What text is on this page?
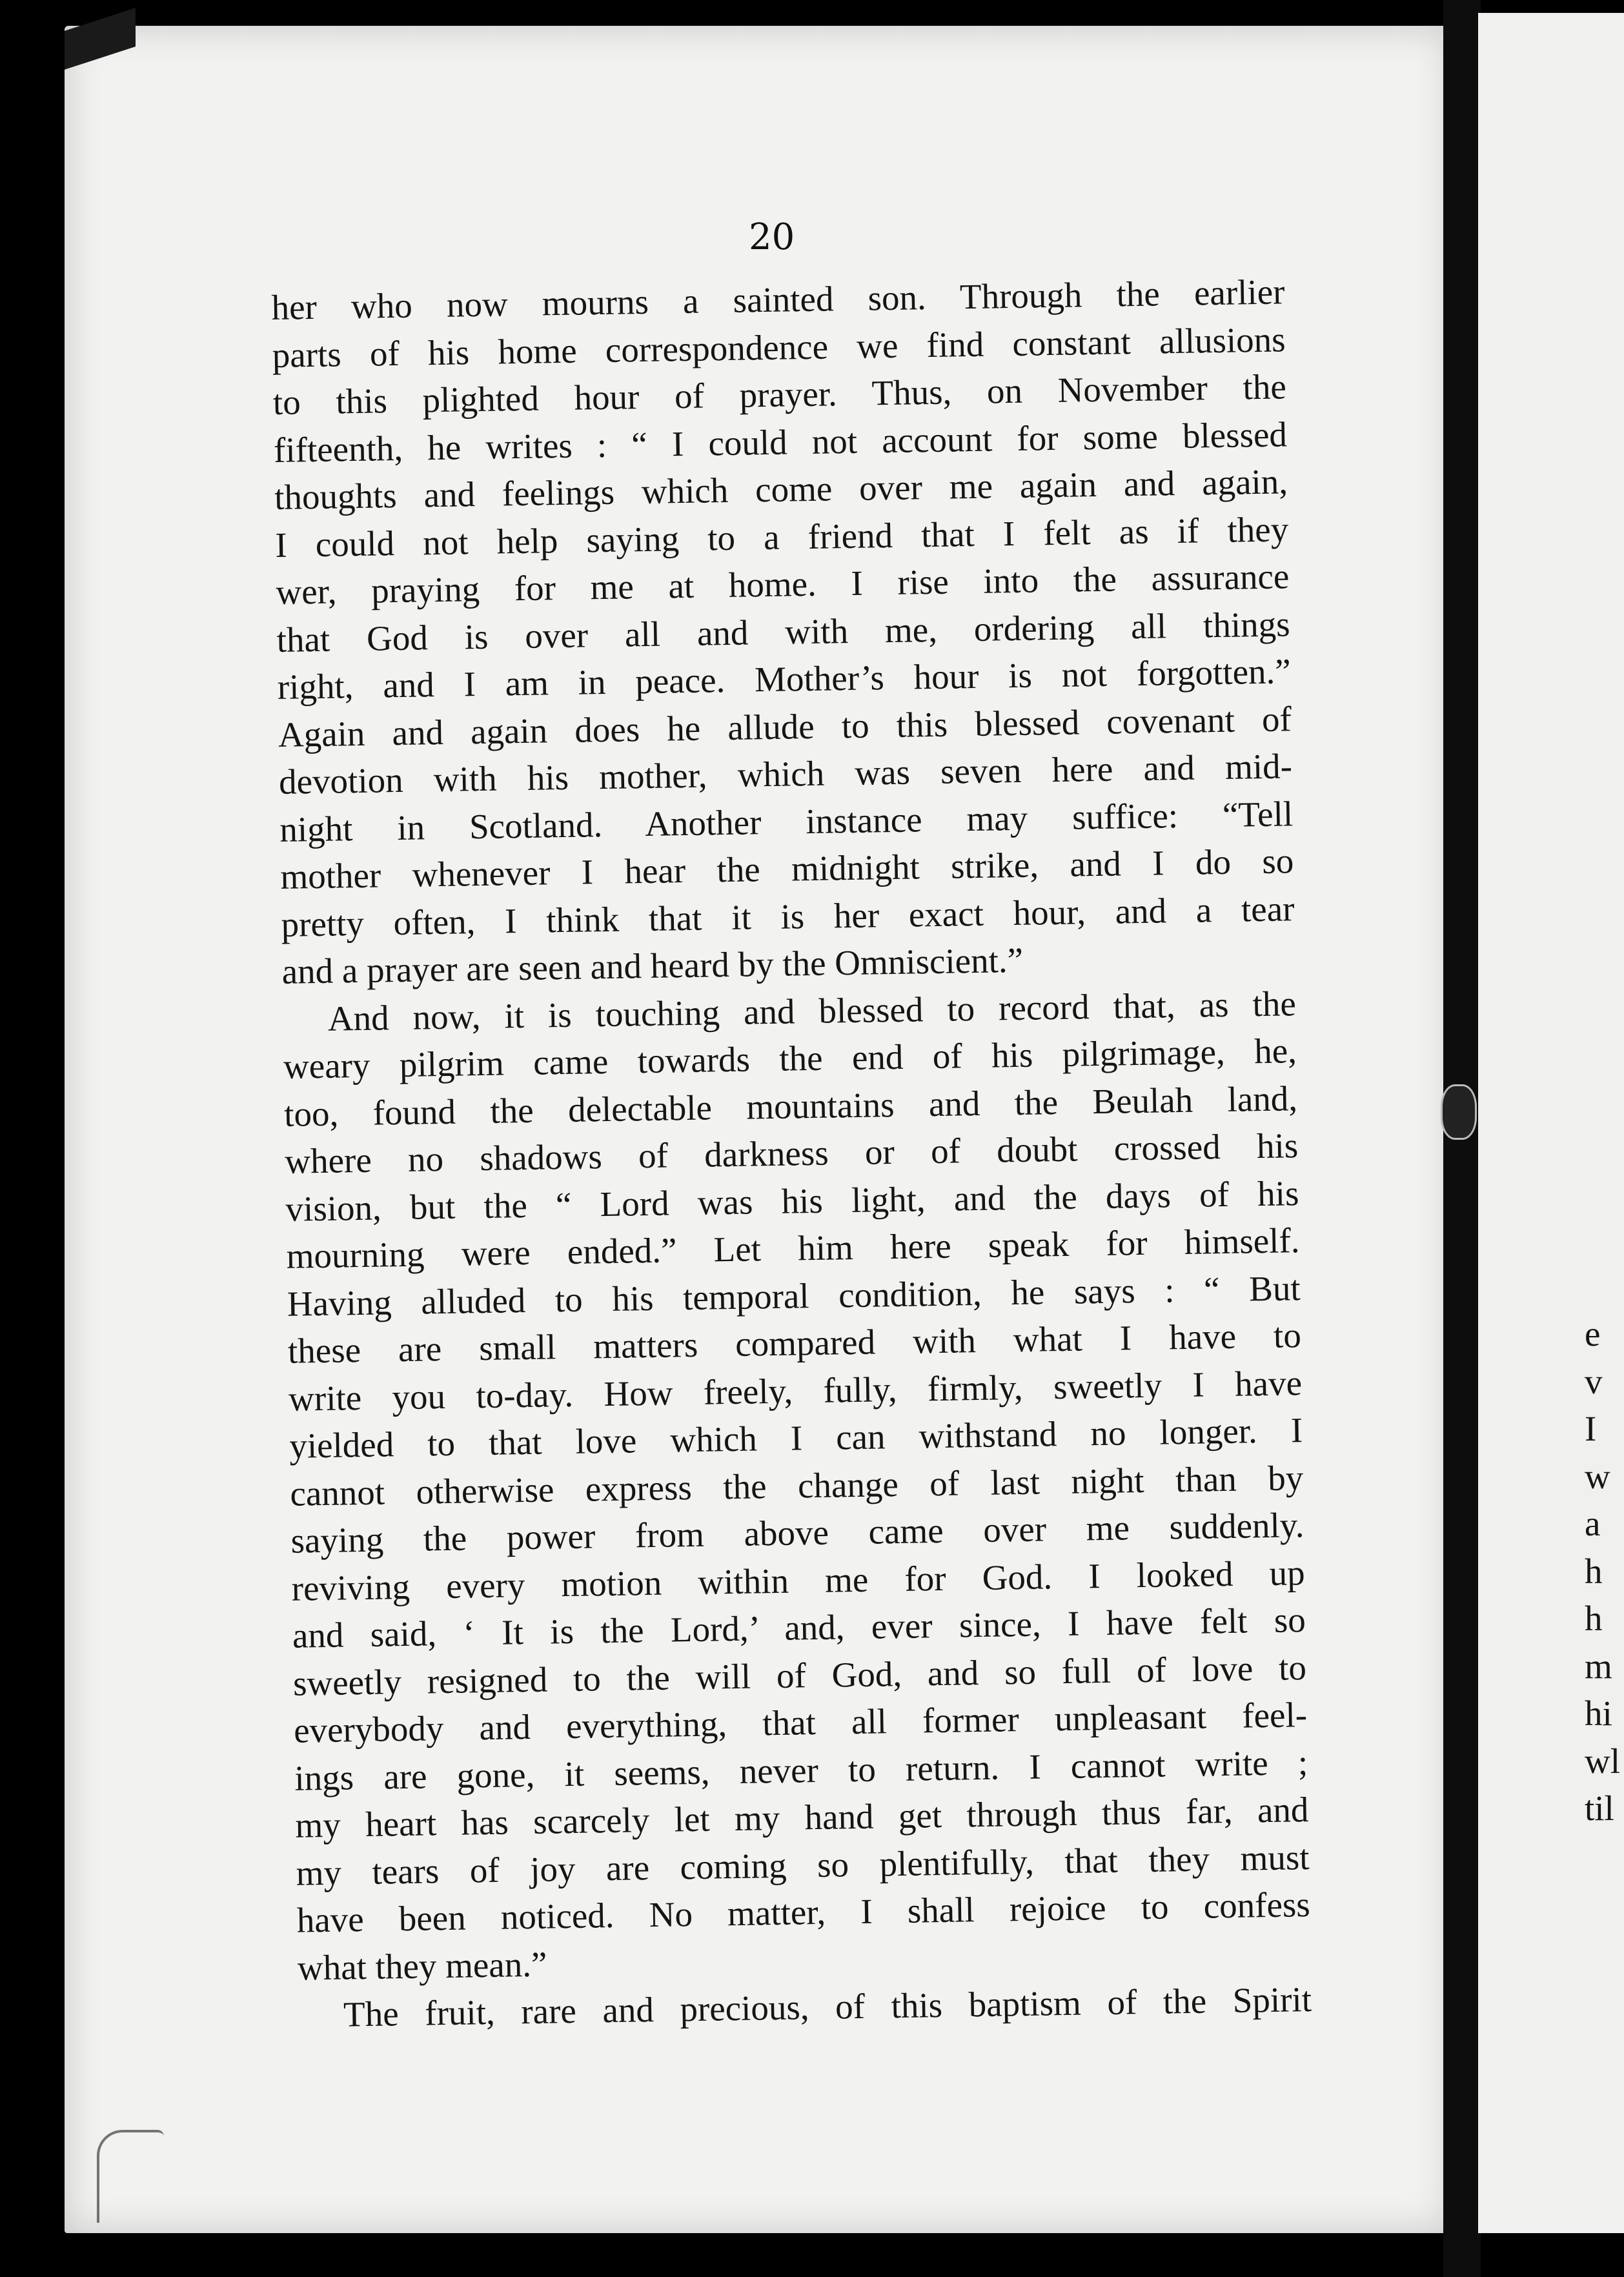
20
her who now mourns a sainted son. Through the earlier
parts of his home correspondence we find constant allusions
to this plighted hour of prayer. Thus, on November the
fifteenth, he writes : “ I could not account for some blessed
thoughts and feelings which come over me again and again,
I could not help saying to a friend that I felt as if they
wer, praying for me at home. I rise into the assurance
that God is over all and with me, ordering all things
right, and I am in peace. Mother’s hour is not forgotten.”
Again and again does he allude to this blessed covenant of
devotion with his mother, which was seven here and mid-
night in Scotland. Another instance may suffice: “Tell
mother whenever I hear the midnight strike, and I do so
pretty often, I think that it is her exact hour, and a tear
and a prayer are seen and heard by the Omniscient.”
And now, it is touching and blessed to record that, as the
weary pilgrim came towards the end of his pilgrimage, he,
too, found the delectable mountains and the Beulah land,
where no shadows of darkness or of doubt crossed his
vision, but the “ Lord was his light, and the days of his
mourning were ended.” Let him here speak for himself.
Having alluded to his temporal condition, he says : “ But
these are small matters compared with what I have to
write you to-day. How freely, fully, firmly, sweetly I have
yielded to that love which I can withstand no longer. I
cannot otherwise express the change of last night than by
saying the power from above came over me suddenly.
reviving every motion within me for God. I looked up
and said, ‘ It is the Lord,’ and, ever since, I have felt so
sweetly resigned to the will of God, and so full of love to
everybody and everything, that all former unpleasant feel-
ings are gone, it seems, never to return. I cannot write ;
my heart has scarcely let my hand get through thus far, and
my tears of joy are coming so plentifully, that they must
have been noticed. No matter, I shall rejoice to confess
what they mean.”
The fruit, rare and precious, of this baptism of the Spirit
e
v
I
w
a
h
h
m
hi
wl
til
